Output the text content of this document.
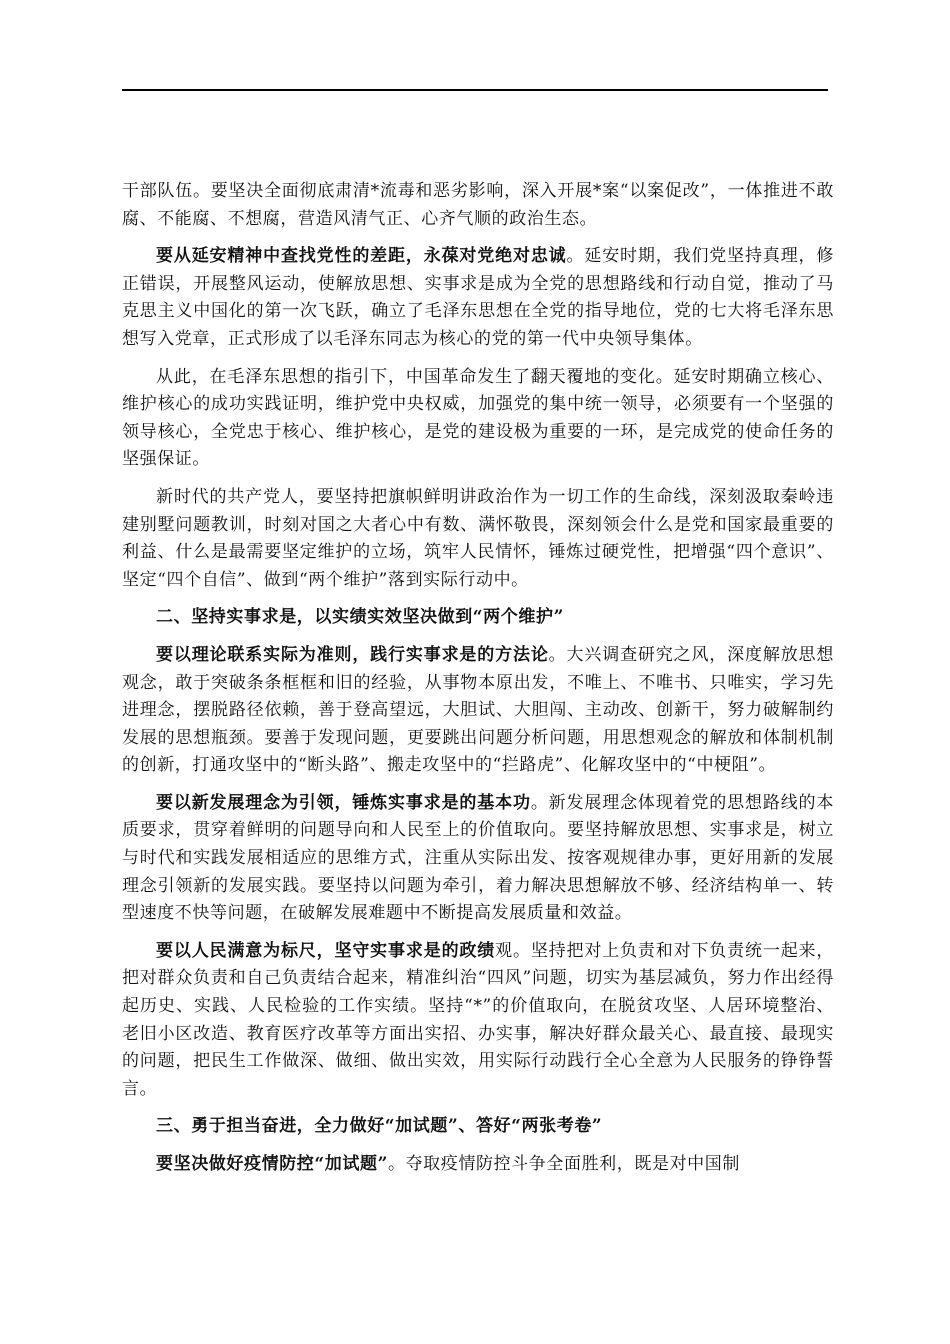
干部队伍。要坚决全面彻底肃清*流毒和恶劣影响，深入开展*案“以案促改”，一体推进不敢腐、不能腐、不想腐，营造风清气正、心齐气顺的政治生态。

要从延安精神中查找党性的差距，永葆对党绝对忠诚。延安时期，我们党坚持真理，修正错误，开展整风运动，使解放思想、实事求是成为全党的思想路线和行动自觉，推动了马克思主义中国化的第一次飞跃，确立了毛泽东思想在全党的指导地位，党的七大将毛泽东思想写入党章，正式形成了以毛泽东同志为核心的党的第一代中央领导集体。

从此，在毛泽东思想的指引下，中国革命发生了翻天覆地的变化。延安时期确立核心、维护核心的成功实践证明，维护党中央权威，加强党的集中统一领导，必须要有一个坚强的领导核心，全党忠于核心、维护核心，是党的建设极为重要的一环，是完成党的使命任务的坚强保证。

新时代的共产党人，要坚持把旗帜鲜明讲政治作为一切工作的生命线，深刻汲取秦岭违建别墅问题教训，时刻对国之大者心中有数、满怀敬畏，深刻领会什么是党和国家最重要的利益、什么是最需要坚定维护的立场，筑牢人民情怀，锤炼过硬党性，把增强“四个意识”、坚定“四个自信”、做到“两个维护”落到实际行动中。

二、坚持实事求是，以实绩实效坚决做到“两个维护”

要以理论联系实际为准则，践行实事求是的方法论。大兴调查研究之风，深度解放思想观念，敢于突破条条框框和旧的经验，从事物本原出发，不唯上、不唯书、只唯实，学习先进理念，摆脱路径依赖，善于登高望远，大胆试、大胆闯、主动改、创新干，努力破解制约发展的思想瓶颈。要善于发现问题，更要跳出问题分析问题，用思想观念的解放和体制机制的创新，打通攻坚中的“断头路”、搬走攻坚中的“拦路虎”、化解攻坚中的“中梗阻”。

要以新发展理念为引领，锤炼实事求是的基本功。新发展理念体现着党的思想路线的本质要求，贯穿着鲜明的问题导向和人民至上的价值取向。要坚持解放思想、实事求是，树立与时代和实践发展相适应的思维方式，注重从实际出发、按客观规律办事，更好用新的发展理念引领新的发展实践。要坚持以问题为牵引，着力解决思想解放不够、经济结构单一、转型速度不快等问题，在破解发展难题中不断提高发展质量和效益。

要以人民满意为标尺，坚守实事求是的政绩观。坚持把对上负责和对下负责统一起来，把对群众负责和自己负责结合起来，精准纠治“四风”问题，切实为基层减负，努力作出经得起历史、实践、人民检验的工作实绩。坚持“*”的价值取向，在脱贫攻坚、人居环境整治、老旧小区改造、教育医疗改革等方面出实招、办实事，解决好群众最关心、最直接、最现实的问题，把民生工作做深、做细、做出实效，用实际行动践行全心全意为人民服务的铮铮誓言。

三、勇于担当奋进，全力做好“加试题”、答好“两张考卷”

要坚决做好疫情防控“加试题”。夺取疫情防控斗争全面胜利，既是对中国制
